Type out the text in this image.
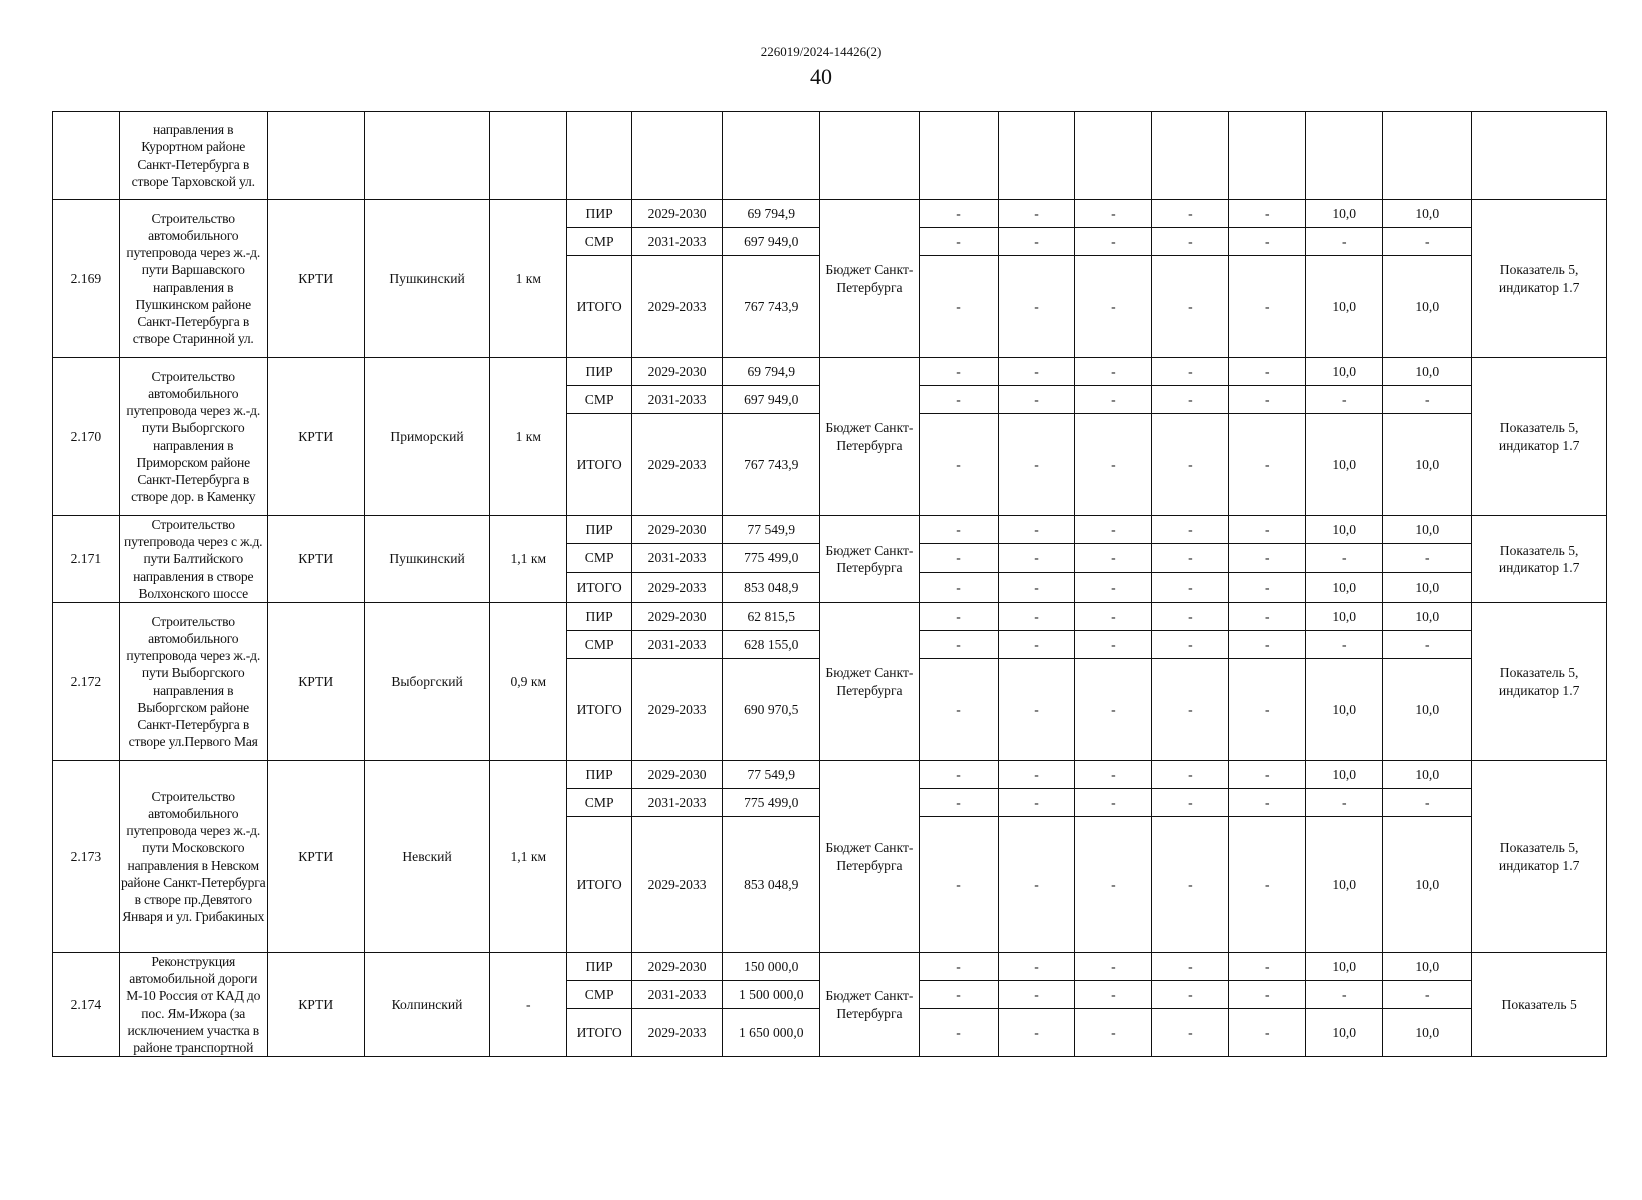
226019/2024-14426(2)
40
	направления в Курортном районе Санкт-Петербурга в створе Тарховской ул.															
2.169	Строительство автомобильного путепровода через ж.-д. пути Варшавского направления в Пушкинском районе Санкт-Петербурга в створе Старинной ул.	КРТИ	Пушкинский	1 км	ПИР	2029-2030	69 794,9	Бюджет Санкт-Петербурга	-	-	-	-	-	10,0	10,0	Показатель 5, индикатор 1.7
					СМР	2031-2033	697 949,0		-	-	-	-	-	-	-	
					ИТОГО	2029-2033	767 743,9		-	-	-	-	-	10,0	10,0	
2.170	Строительство автомобильного путепровода через ж.-д. пути Выборгского направления в Приморском районе Санкт-Петербурга в створе дор. в Каменку	КРТИ	Приморский	1 км	ПИР	2029-2030	69 794,9	Бюджет Санкт-Петербурга	-	-	-	-	-	10,0	10,0	Показатель 5, индикатор 1.7
					СМР	2031-2033	697 949,0		-	-	-	-	-	-	-	
					ИТОГО	2029-2033	767 743,9		-	-	-	-	-	10,0	10,0	
2.171	Строительство путепровода через с ж.д. пути Балтийского направления в створе Волхонского шоссе	КРТИ	Пушкинский	1,1 км	ПИР	2029-2030	77 549,9	Бюджет Санкт-Петербурга	-	-	-	-	-	10,0	10,0	Показатель 5, индикатор 1.7
					СМР	2031-2033	775 499,0		-	-	-	-	-	-	-	
					ИТОГО	2029-2033	853 048,9		-	-	-	-	-	10,0	10,0	
2.172	Строительство автомобильного путепровода через ж.-д. пути Выборгского направления в Выборгском районе Санкт-Петербурга в створе ул.Первого Мая	КРТИ	Выборгский	0,9 км	ПИР	2029-2030	62 815,5	Бюджет Санкт-Петербурга	-	-	-	-	-	10,0	10,0	Показатель 5, индикатор 1.7
					СМР	2031-2033	628 155,0		-	-	-	-	-	-	-	
					ИТОГО	2029-2033	690 970,5		-	-	-	-	-	10,0	10,0	
2.173	Строительство автомобильного путепровода через ж.-д. пути Московского направления в Невском районе Санкт-Петербурга в створе пр.Девятого Января и ул. Грибакиных	КРТИ	Невский	1,1 км	ПИР	2029-2030	77 549,9	Бюджет Санкт-Петербурга	-	-	-	-	-	10,0	10,0	Показатель 5, индикатор 1.7
					СМР	2031-2033	775 499,0		-	-	-	-	-	-	-	
					ИТОГО	2029-2033	853 048,9		-	-	-	-	-	10,0	10,0	
2.174	Реконструкция автомобильной дороги М-10 Россия от КАД до пос. Ям-Ижора (за исключением участка в районе транспортной	КРТИ	Колпинский	-	ПИР	2029-2030	150 000,0	Бюджет Санкт-Петербурга	-	-	-	-	-	10,0	10,0	Показатель 5
					СМР	2031-2033	1 500 000,0		-	-	-	-	-	-	-	
					ИТОГО	2029-2033	1 650 000,0		-	-	-	-	-	10,0	10,0	
